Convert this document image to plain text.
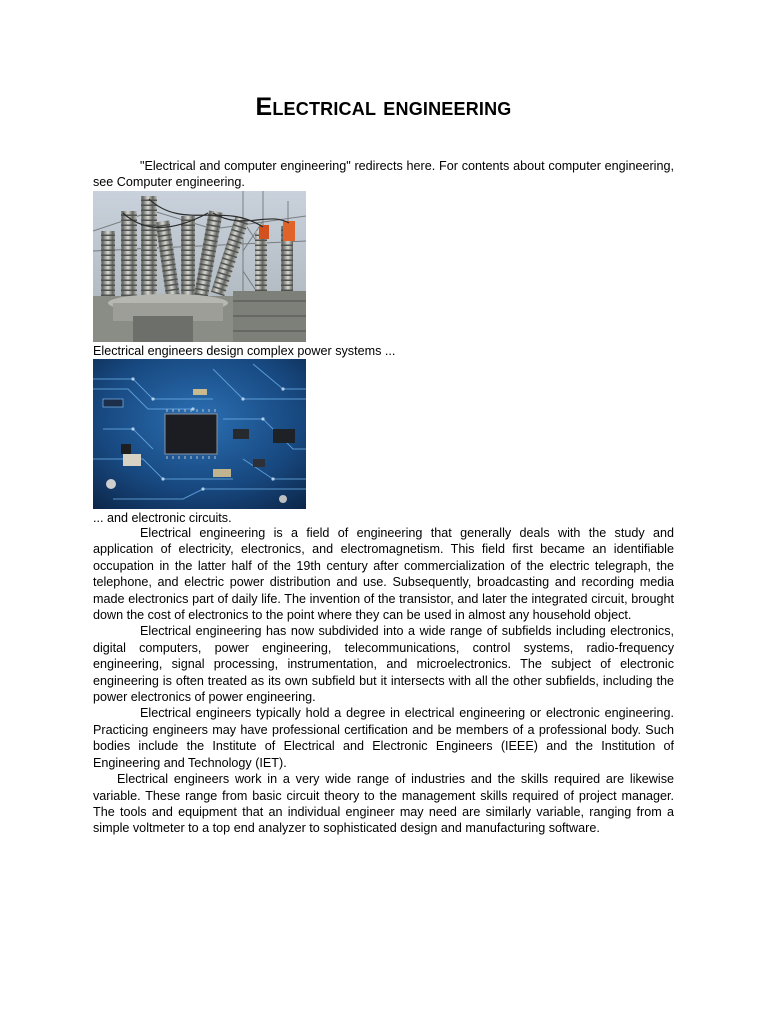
Electrical engineering

"Electrical and computer engineering" redirects here. For contents about computer engineering, see Computer engineering.

Electrical engineers design complex power systems ...
... and electronic circuits.

Electrical engineering is a field of engineering that generally deals with the study and application of electricity, electronics, and electromagnetism. This field first became an identifiable occupation in the latter half of the 19th century after commercialization of the electric telegraph, the telephone, and electric power distribution and use. Subsequently, broadcasting and recording media made electronics part of daily life. The invention of the transistor, and later the integrated circuit, brought down the cost of electronics to the point where they can be used in almost any household object.

Electrical engineering has now subdivided into a wide range of subfields including electronics, digital computers, power engineering, telecommunications, control systems, radio-frequency engineering, signal processing, instrumentation, and microelectronics. The subject of electronic engineering is often treated as its own subfield but it intersects with all the other subfields, including the power electronics of power engineering.

Electrical engineers typically hold a degree in electrical engineering or electronic engineering. Practicing engineers may have professional certification and be members of a professional body. Such bodies include the Institute of Electrical and Electronic Engineers (IEEE) and the Institution of Engineering and Technology (IET).

Electrical engineers work in a very wide range of industries and the skills required are likewise variable. These range from basic circuit theory to the management skills required of project manager. The tools and equipment that an individual engineer may need are similarly variable, ranging from a simple voltmeter to a top end analyzer to sophisticated design and manufacturing software.
